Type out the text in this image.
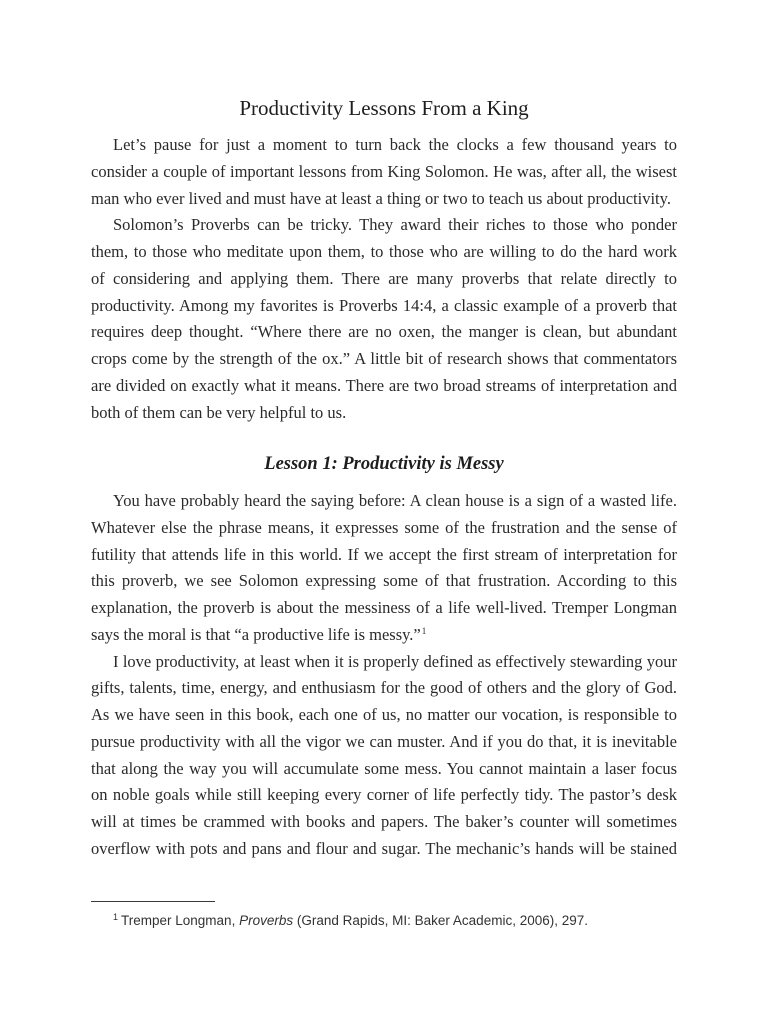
Productivity Lessons From a King
Let’s pause for just a moment to turn back the clocks a few thousand years to
consider a couple of important lessons from King Solomon. He was, after all, the wisest
man who ever lived and must have at least a thing or two to teach us about productivity.
Solomon’s Proverbs can be tricky. They award their riches to those who ponder
them, to those who meditate upon them, to those who are willing to do the hard work
of considering and applying them. There are many proverbs that relate directly to
productivity. Among my favorites is Proverbs 14:4, a classic example of a proverb that
requires deep thought. “Where there are no oxen, the manger is clean, but abundant
crops come by the strength of the ox.” A little bit of research shows that commentators
are divided on exactly what it means. There are two broad streams of interpretation and
both of them can be very helpful to us.
Lesson 1: Productivity is Messy
You have probably heard the saying before: A clean house is a sign of a wasted life.
Whatever else the phrase means, it expresses some of the frustration and the sense of
futility that attends life in this world. If we accept the first stream of interpretation for
this proverb, we see Solomon expressing some of that frustration. According to this
explanation, the proverb is about the messiness of a life well-lived. Tremper Longman
says the moral is that “a productive life is messy.”$^1$
I love productivity, at least when it is properly defined as effectively stewarding your
gifts, talents, time, energy, and enthusiasm for the good of others and the glory of God.
As we have seen in this book, each one of us, no matter our vocation, is responsible to
pursue productivity with all the vigor we can muster. And if you do that, it is inevitable
that along the way you will accumulate some mess. You cannot maintain a laser focus
on noble goals while still keeping every corner of life perfectly tidy. The pastor’s desk
will at times be crammed with books and papers. The baker’s counter will sometimes
overflow with pots and pans and flour and sugar. The mechanic’s hands will be stained
$^1$ Tremper Longman, Proverbs (Grand Rapids, MI: Baker Academic, 2006), 297.
